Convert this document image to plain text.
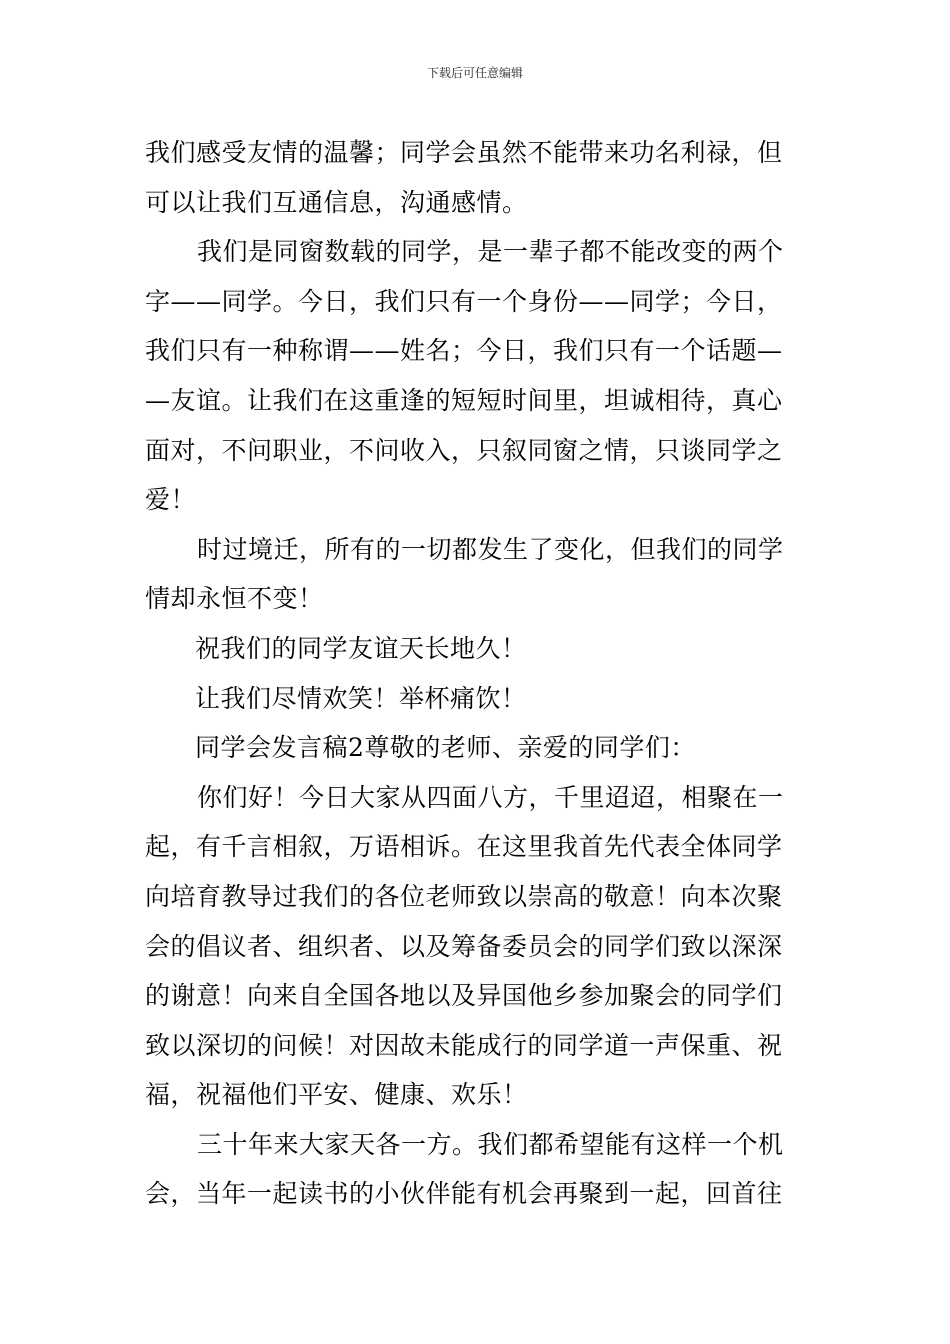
下载后可任意编辑
我们感受友情的温馨；同学会虽然不能带来功名利禄，但
可以让我们互通信息，沟通感情。
我们是同窗数载的同学，是一辈子都不能改变的两个
字——同学。今日，我们只有一个身份——同学；今日，
我们只有一种称谓——姓名；今日，我们只有一个话题—
—友谊。让我们在这重逢的短短时间里，坦诚相待，真心
面对，不问职业，不问收入，只叙同窗之情，只谈同学之
爱！
时过境迁，所有的一切都发生了变化，但我们的同学
情却永恒不变！
祝我们的同学友谊天长地久！
让我们尽情欢笑！举杯痛饮！
同学会发言稿2尊敬的老师、亲爱的同学们：
你们好！今日大家从四面八方，千里迢迢，相聚在一
起，有千言相叙，万语相诉。在这里我首先代表全体同学
向培育教导过我们的各位老师致以崇高的敬意！向本次聚
会的倡议者、组织者、以及筹备委员会的同学们致以深深
的谢意！向来自全国各地以及异国他乡参加聚会的同学们
致以深切的问候！对因故未能成行的同学道一声保重、祝
福，祝福他们平安、健康、欢乐！
三十年来大家天各一方。我们都希望能有这样一个机
会，当年一起读书的小伙伴能有机会再聚到一起，回首往
